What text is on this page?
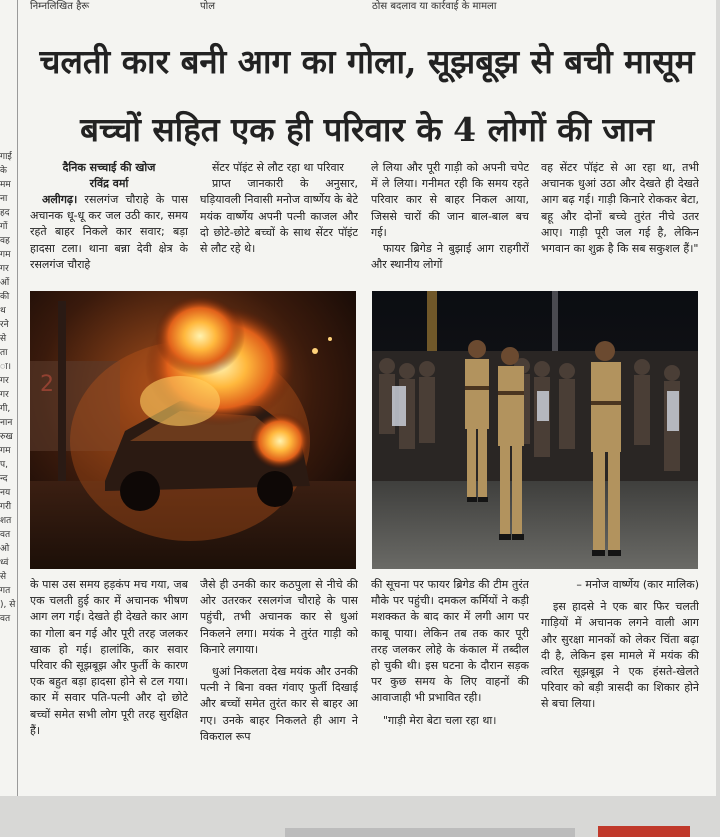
निम्नलिखित हैरू	पोल	ठोस बदलाव या कार्रवाई के मामला
गाई
के
मम
ना
हद
गों
वह
गम
गर
ओं
की
थ
रने
से
ता
ा।
गर
गर
गी,
नान
रुख
गम
प,
न्द
नय
गरी
शत
वत
ओ
ध्वं
से
गत
), से
वत
चलती कार बनी आग का गोला, सूझबूझ से बची मासूम
बच्चों सहित एक ही परिवार के 4 लोगों की जान
दैनिक सच्चाई की खोज
रविंद्र वर्मा

अलीगढ़। रसलगंज चौराहे के पास अचानक धू-धू कर जल उठी कार, समय रहते बाहर निकले कार सवार; बड़ा हादसा टला। थाना बन्ना देवी क्षेत्र के रसलगंज चौराहे

सेंटर पॉइंट से लौट रहा था परिवार

प्राप्त जानकारी के अनुसार, घड़ियावली निवासी मनोज वार्ष्णेय के बेटे मयंक वार्ष्णेय अपनी पत्नी काजल और दो छोटे-छोटे बच्चों के साथ सेंटर पॉइंट से लौट रहे थे।

ले लिया और पूरी गाड़ी को अपनी चपेट में ले लिया। गनीमत रही कि समय रहते परिवार कार से बाहर निकल आया, जिससे चारों की जान बाल-बाल बच गई।

फायर ब्रिगेड ने बुझाई आग राहगीरों और स्थानीय लोगों

वह सेंटर पॉइंट से आ रहा था, तभी अचानक धुआं उठा और देखते ही देखते आग बढ़ गई। गाड़ी किनारे रोककर बेटा, बहू और दोनों बच्चे तुरंत नीचे उतर आए। गाड़ी पूरी जल गई है, लेकिन भगवान का शुक्र है कि सब सकुशल हैं।"

2

के पास उस समय हड़कंप मच गया, जब एक चलती हुई कार में अचानक भीषण आग लग गई। देखते ही देखते कार आग का गोला बन गई और पूरी तरह जलकर खाक हो गई। हालांकि, कार सवार परिवार की सूझबूझ और फुर्ती के कारण एक बहुत बड़ा हादसा होने से टल गया। कार में सवार पति-पत्नी और दो छोटे बच्चों समेत सभी लोग पूरी तरह सुरक्षित हैं।

जैसे ही उनकी कार कठपुला से नीचे की ओर उतरकर रसलगंज चौराहे के पास पहुंची, तभी अचानक कार से धुआं निकलने लगा। मयंक ने तुरंत गाड़ी को किनारे लगाया।

धुआं निकलता देख मयंक और उनकी पत्नी ने बिना वक्त गंवाए फुर्ती दिखाई और बच्चों समेत तुरंत कार से बाहर आ गए। उनके बाहर निकलते ही आग ने विकराल रूप

की सूचना पर फायर ब्रिगेड की टीम तुरंत मौके पर पहुंची। दमकल कर्मियों ने कड़ी मशक्कत के बाद कार में लगी आग पर काबू पाया। लेकिन तब तक कार पूरी तरह जलकर लोहे के कंकाल में तब्दील हो चुकी थी। इस घटना के दौरान सड़क पर कुछ समय के लिए वाहनों की आवाजाही भी प्रभावित रही।

"गाड़ी मेरा बेटा चला रहा था।

– मनोज वार्ष्णेय (कार मालिक)

इस हादसे ने एक बार फिर चलती गाड़ियों में अचानक लगने वाली आग और सुरक्षा मानकों को लेकर चिंता बढ़ा दी है, लेकिन इस मामले में मयंक की त्वरित सूझबूझ ने एक हंसते-खेलते परिवार को बड़ी त्रासदी का शिकार होने से बचा लिया।
